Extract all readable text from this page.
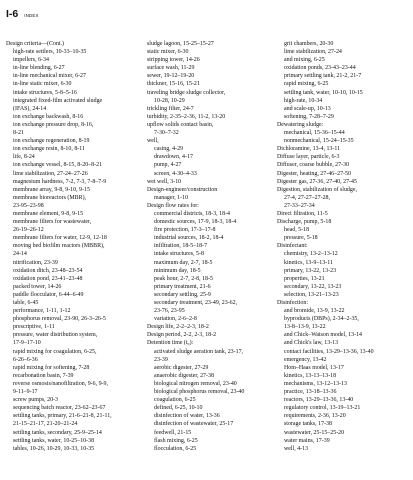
I-6 INDEX
Design criteria—(Cont.)
high-rate settlers, 10-33–10-35
impellers, 6-34
in-line blending, 6-27
in-line mechanical mixer, 6-27
in-line static mixer, 6-30
intake structures, 5-8–5-16
integrated fixed-film activated sludge
(IFAS), 24-14
ion exchange backwash, 8-16
ion exchange pressure drop, 8-16,
8-21
ion exchange regeneration, 8-19
ion exchange resin, 8-10, 8-11
life, 8-24
ion exchange vessel, 8-15, 8-20–8-21
lime stabilization, 27-24–27-26
magnesium hardness, 7-2, 7-3, 7-8–7-9
membrane array, 9-8, 9-10, 9-15
membrane bioreactors (MBR),
23-95–23-98
membrane element, 9-8, 9-15
membrane filters for wastewater,
26-19–26-12
membrane filters for water, 12-9, 12-18
moving bed biofilm reactors (MBBR),
24-14
nitrification, 23-39
oxidation ditch, 23-48–23-54
oxidation pond, 23-41–23-48
packed tower, 14-26
paddle flocculator, 6-44–6-49
table, 6-45
performance, 1-11, 1-12
phosphorus removal, 23-90, 26-3–26-5
prescriptive, 1-11
pressure, water distribution system,
17-9–17-10
rapid mixing for coagulation, 6-25,
6-26–6-36
rapid mixing for softening, 7-28
recarbonation basin, 7-39
reverse osmosis/nanofiltration, 9-6, 9-9,
9-11–9-17
screw pumps, 20-3
sequencing batch reactor, 23-62–23-67
settling tanks, primary, 21-6–21-8, 21-11,
21-15–21-17, 21-20–21-24
settling tanks, secondary, 25-9–25-14
settling tanks, water, 10-25–10-38
tables, 10-26, 10-29, 10-33, 10-35
sludge lagoon, 15-25–15-27
static mixer, 6-30
stripping tower, 14-26
surface wash, 11-29
sewer, 19-12–19-20
thickner, 15-16, 15-21
traveling bridge sludge collector,
10-28, 10-29
trickling filter, 24-7
turbidity, 2-35–2-36, 11-2, 13-20
upflow solids contact basin,
7-30–7-32
well,
casing, 4-29
drawdown, 4-17
pump, 4-27
screen, 4-30–4-33
wet well, 3-10
Design-engineer/construction
manager, 1-10
Design flow rates for:
commercial districts, 18-3, 18-4
domestic sources, 17-9, 18-3, 18-4
fire protection, 17-3–17-8
industrial sources, 18-2, 18-4
infiltration, 18-5–18-7
intake structures, 5-8
maximum day, 2-7, 18-5
minimum day, 18-5
peak hour, 2-7, 2-8, 18-5
primary treatment, 21-6
secondary settling, 25-9
secondary treatment, 23-49, 23-62,
23-76, 23-95
variation, 2-6–2-8
Design life, 2-2–2-3, 18-2
Design period, 2-2, 2-3, 18-2
Detention time (t₀):
activated sludge aeration tank, 23-17,
23-39
aerobic digester, 27-29
anaerobic digester, 27-38
biological nitrogen removal, 23-40
biological phosphorus removal, 23-40
coagulation, 6-25
defined, 6-25, 10-10
disinfection of water, 13-36
disinfection of wastewater, 25-17
feedwell, 21-15
flash mixing, 6-25
flocculation, 6-25
grit chambers, 20-30
lime stabilization, 27-24
and mixing, 6-25
oxidation ponds, 23-43–23-44
primary settling tank, 21-2, 21-7
rapid mixing, 6-25
settling tank, water, 10-10, 10-15
high-rate, 10-34
and scale-up, 10-13
softening, 7-28–7-29
Dewatering sludge:
mechanical, 15-36–15-44
nonmechanical, 15-24–15-35
Dichloramine, 13-4, 13-11
Diffuse layer, particle, 6-3
Diffuser, coarse bubble, 27-30
Digester, heating, 27-46–27-50
Digester gas, 27-36, 27-40, 27-45
Digestion, stabilization of sludge,
27-4, 27-27–27-28,
27-33–27-34
Direct filtration, 11-5
Discharge, pump, 5-18
head, 5-18
pressure, 5-18
Disinfectant:
chemistry, 13-2–13-12
kinetics, 13-9–13-11
primary, 13-22, 13-23
properties, 13-21
secondary, 13-22, 13-23
selection, 13-21–13-23
Disinfection:
and bromide, 13-9, 13-22
byproducts (DBPs), 2-34–2-35,
13-8–13-9, 13-22
and Chick–Watson model, 13-14
and Chick's law, 13-13
contact facilities, 13-29–13-36, 13-40
emergency, 13-42
Hom–Haas model, 13-17
kinetics, 13-13–13-18
mechanisms, 13-12–13-13
practice, 13-18–13-36
reactors, 13-29–13-36, 13-40
regulatory control, 13-19–13-21
requirements, 2-36, 13-20
storage tanks, 17-38
wastewater, 25-15–25-20
water mains, 17-39
well, 4-13
